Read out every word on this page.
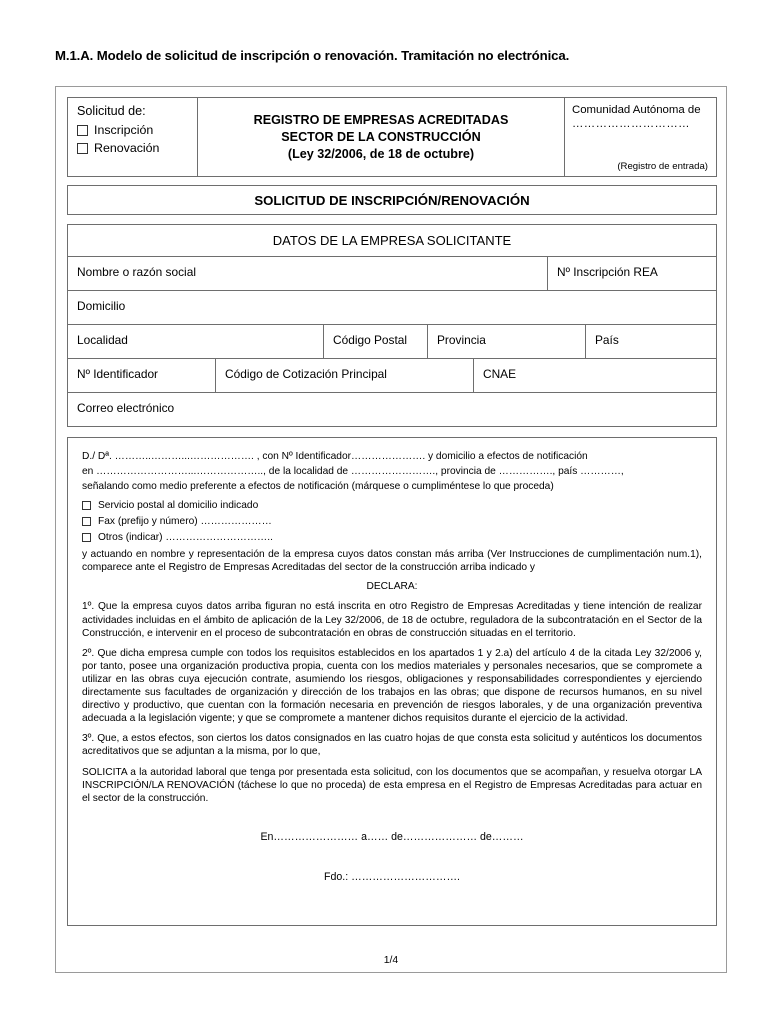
M.1.A. Modelo de solicitud de inscripción o renovación. Tramitación no electrónica.
Solicitud de:
Inscripción
Renovación
REGISTRO DE EMPRESAS ACREDITADAS
SECTOR DE LA CONSTRUCCIÓN
(Ley 32/2006, de 18 de octubre)
Comunidad Autónoma de
…………………………
(Registro de entrada)
SOLICITUD DE INSCRIPCIÓN/RENOVACIÓN
DATOS DE LA EMPRESA SOLICITANTE
Nombre o razón social	Nº Inscripción REA
Domicilio
Localidad	Código Postal	Provincia	País
Nº Identificador	Código de Cotización Principal	CNAE
Correo electrónico

D./ Dª. ………..………...………………. , con Nº Identificador…………………. y domicilio a efectos de notificación

en ………………………...……………….., de la localidad de ……………………., provincia de ……………., país …………,

señalando como medio preferente a efectos de notificación (márquese o cumpliméntese lo que proceda)

Servicio postal al domicilio indicado
Fax (prefijo y número) …………………
Otros (indicar) …………………………..

y actuando en nombre y representación de la empresa cuyos datos constan más arriba (Ver Instrucciones de cumplimentación num.1), comparece ante el Registro de Empresas Acreditadas del sector de la construcción arriba indicado y

DECLARA:

1º. Que la empresa cuyos datos arriba figuran no está inscrita en otro Registro de Empresas Acreditadas y tiene intención de realizar actividades incluidas en el ámbito de aplicación de la Ley 32/2006, de 18 de octubre, reguladora de la subcontratación en el Sector de la Construcción, e intervenir en el proceso de subcontratación en obras de construcción situadas en el territorio.

2º. Que dicha empresa cumple con todos los requisitos establecidos en los apartados 1 y 2.a) del artículo 4 de la citada Ley 32/2006 y, por tanto, posee una organización productiva propia, cuenta con los medios materiales y personales necesarios, que se compromete a utilizar en las obras cuya ejecución contrate, asumiendo los riesgos, obligaciones y responsabilidades correspondientes y ejerciendo directamente sus facultades de organización y dirección de los trabajos en las obras; que dispone de recursos humanos, en su nivel directivo y productivo, que cuentan con la formación necesaria en prevención de riesgos laborales, y de una organización preventiva adecuada a la legislación vigente; y que se compromete a mantener dichos requisitos durante el ejercicio de la actividad.

3º. Que, a estos efectos, son ciertos los datos consignados en las cuatro hojas de que consta esta solicitud y auténticos los documentos acreditativos que se adjuntan a la misma, por lo que,

SOLICITA a la autoridad laboral que tenga por presentada esta solicitud, con los documentos que se acompañan, y resuelva otorgar LA INSCRIPCIÓN/LA RENOVACIÓN (táchese lo que no proceda) de esta empresa en el Registro de Empresas Acreditadas para actuar en el sector de la construcción.

En…………………… a…… de………………… de………
Fdo.: ………………………….
1/4
